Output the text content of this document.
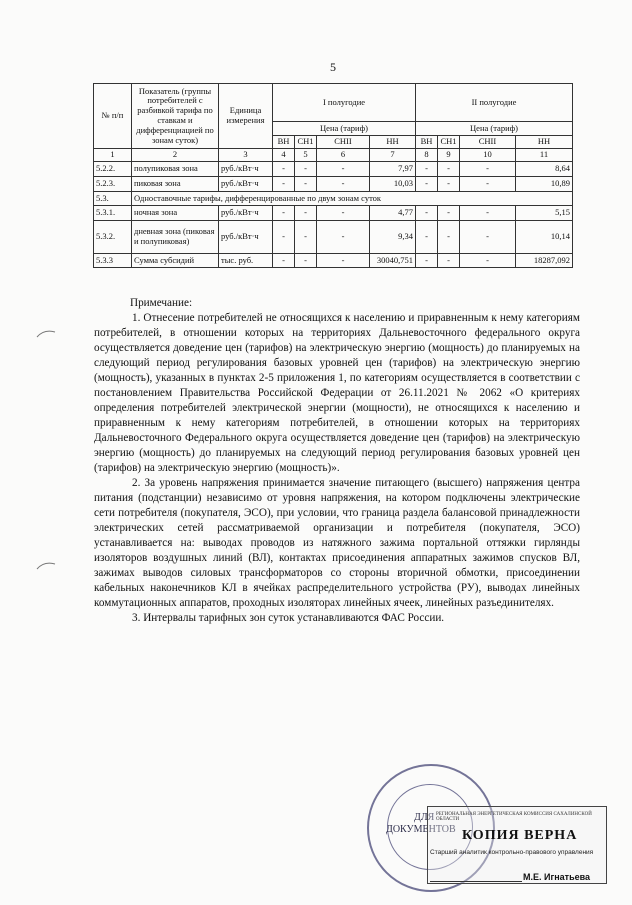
5
№ п/п	Показатель (группы потребителей с разбивкой тарифа по ставкам и дифференциацией по зонам суток)	Единица измерения	I полугодие				II полугодие			
			Цена (тариф)				Цена (тариф)			
			ВН	СН1	СНII	НН	ВН	СН1	СНII	НН
1	2	3	4	5	6	7	8	9	10	11
5.2.2.	полупиковая зона	руб./кВт·ч	-	-	-	7,97	-	-	-	8,64
5.2.3.	пиковая зона	руб./кВт·ч	-	-	-	10,03	-	-	-	10,89
5.3.	Одноставочные тарифы, дифференцированные по двум зонам суток									
5.3.1.	ночная зона	руб./кВт·ч	-	-	-	4,77	-	-	-	5,15
5.3.2.	дневная зона (пиковая и полупиковая)	руб./кВт·ч	-	-	-	9,34	-	-	-	10,14
5.3.3	Сумма субсидий	тыс. руб.	-	-	-	30040,751	-	-	-	18287,092

Примечание:

1. Отнесение потребителей не относящихся к населению и приравненным к нему категориям потребителей, в отношении которых на территориях Дальневосточного федерального округа осуществляется доведение цен (тарифов) на электрическую энергию (мощность) до планируемых на следующий период регулирования базовых уровней цен (тарифов) на электрическую энергию (мощность), указанных в пунктах 2-5 приложения 1, по категориям осуществляется в соответствии с постановлением Правительства Российской Федерации от 26.11.2021 № 2062 «О критериях определения потребителей электрической энергии (мощности), не относящихся к населению и приравненным к нему категориям потребителей, в отношении которых на территориях Дальневосточного Федерального округа осуществляется доведение цен (тарифов) на электрическую энергию (мощность) до планируемых на следующий период регулирования базовых уровней цен (тарифов) на электрическую энергию (мощность)».

2. За уровень напряжения принимается значение питающего (высшего) напряжения центра питания (подстанции) независимо от уровня напряжения, на котором подключены электрические сети потребителя (покупателя, ЭСО), при условии, что граница раздела балансовой принадлежности электрических сетей рассматриваемой организации и потребителя (покупателя, ЭСО) устанавливается на: выводах проводов из натяжного зажима портальной оттяжки гирлянды изоляторов воздушных линий (ВЛ), контактах присоединения аппаратных зажимов спусков ВЛ, зажимах выводов силовых трансформаторов со стороны вторичной обмотки, присоединении кабельных наконечников КЛ в ячейках распределительного устройства (РУ), выводах линейных коммутационных аппаратов, проходных изоляторах линейных ячеек, линейных разъединителях.

3. Интервалы тарифных зон суток устанавливаются ФАС России.

ДЛЯ
ДОКУМЕНТОВ
РЕГИОНАЛЬНАЯ ЭНЕРГЕТИЧЕСКАЯ КОМИССИЯ САХАЛИНСКОЙ ОБЛАСТИ
КОПИЯ ВЕРНА
Старший аналитик контрольно-правового управления
М.Е. Игнатьева
